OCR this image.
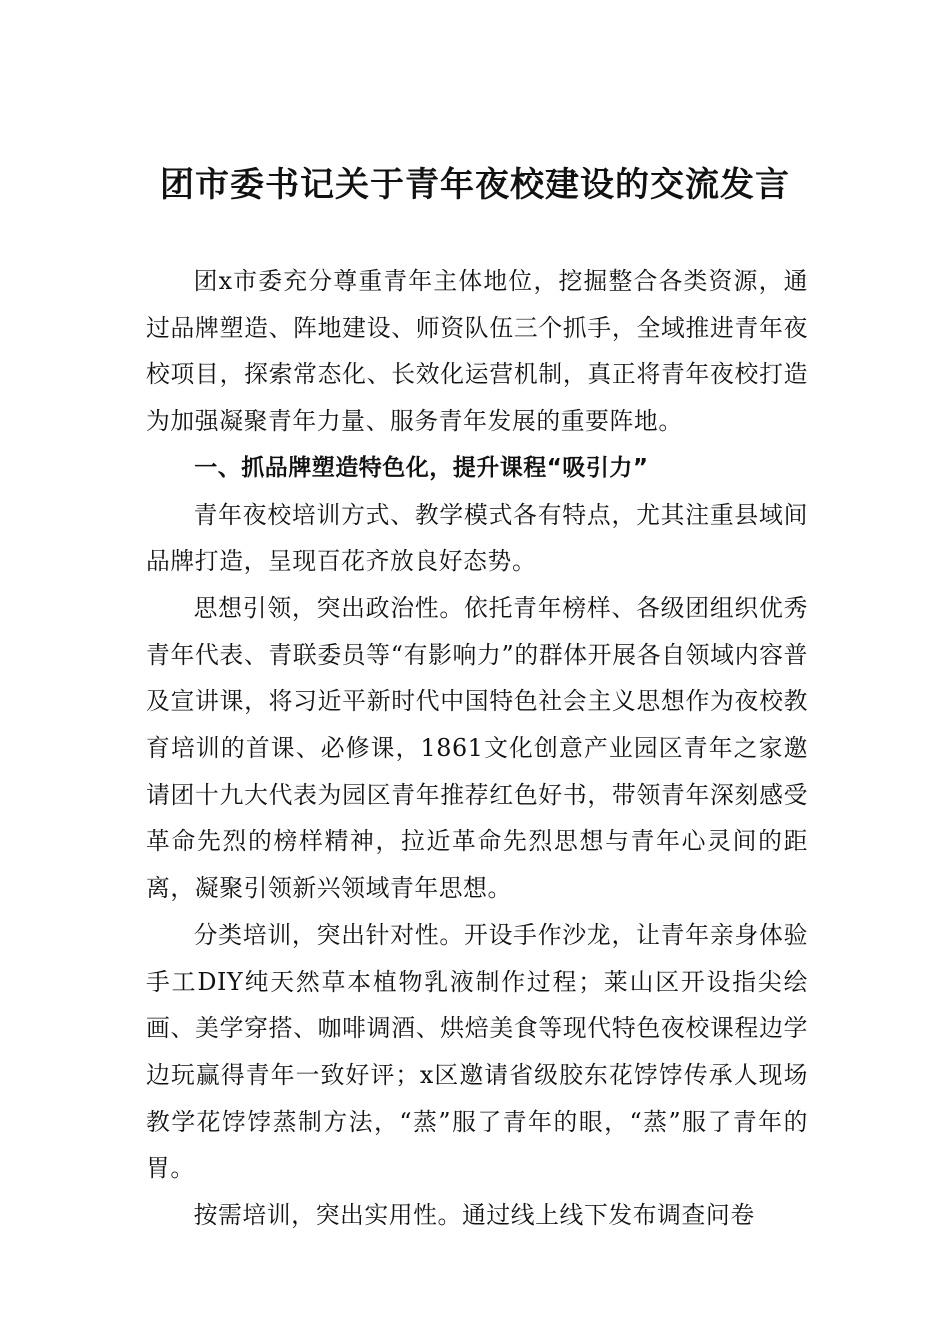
团市委书记关于青年夜校建设的交流发言

团x市委充分尊重青年主体地位，挖掘整合各类资源，通过品牌塑造、阵地建设、师资队伍三个抓手，全域推进青年夜校项目，探索常态化、长效化运营机制，真正将青年夜校打造为加强凝聚青年力量、服务青年发展的重要阵地。

一、抓品牌塑造特色化，提升课程“吸引力”

青年夜校培训方式、教学模式各有特点，尤其注重县域间品牌打造，呈现百花齐放良好态势。

思想引领，突出政治性。依托青年榜样、各级团组织优秀青年代表、青联委员等“有影响力”的群体开展各自领域内容普及宣讲课，将习近平新时代中国特色社会主义思想作为夜校教育培训的首课、必修课，1861文化创意产业园区青年之家邀请团十九大代表为园区青年推荐红色好书，带领青年深刻感受革命先烈的榜样精神，拉近革命先烈思想与青年心灵间的距离，凝聚引领新兴领域青年思想。

分类培训，突出针对性。开设手作沙龙，让青年亲身体验手工DIY纯天然草本植物乳液制作过程；莱山区开设指尖绘画、美学穿搭、咖啡调酒、烘焙美食等现代特色夜校课程边学边玩赢得青年一致好评；x区邀请省级胶东花饽饽传承人现场教学花饽饽蒸制方法，“蒸”服了青年的眼，“蒸”服了青年的胃。

按需培训，突出实用性。通过线上线下发布调查问卷
